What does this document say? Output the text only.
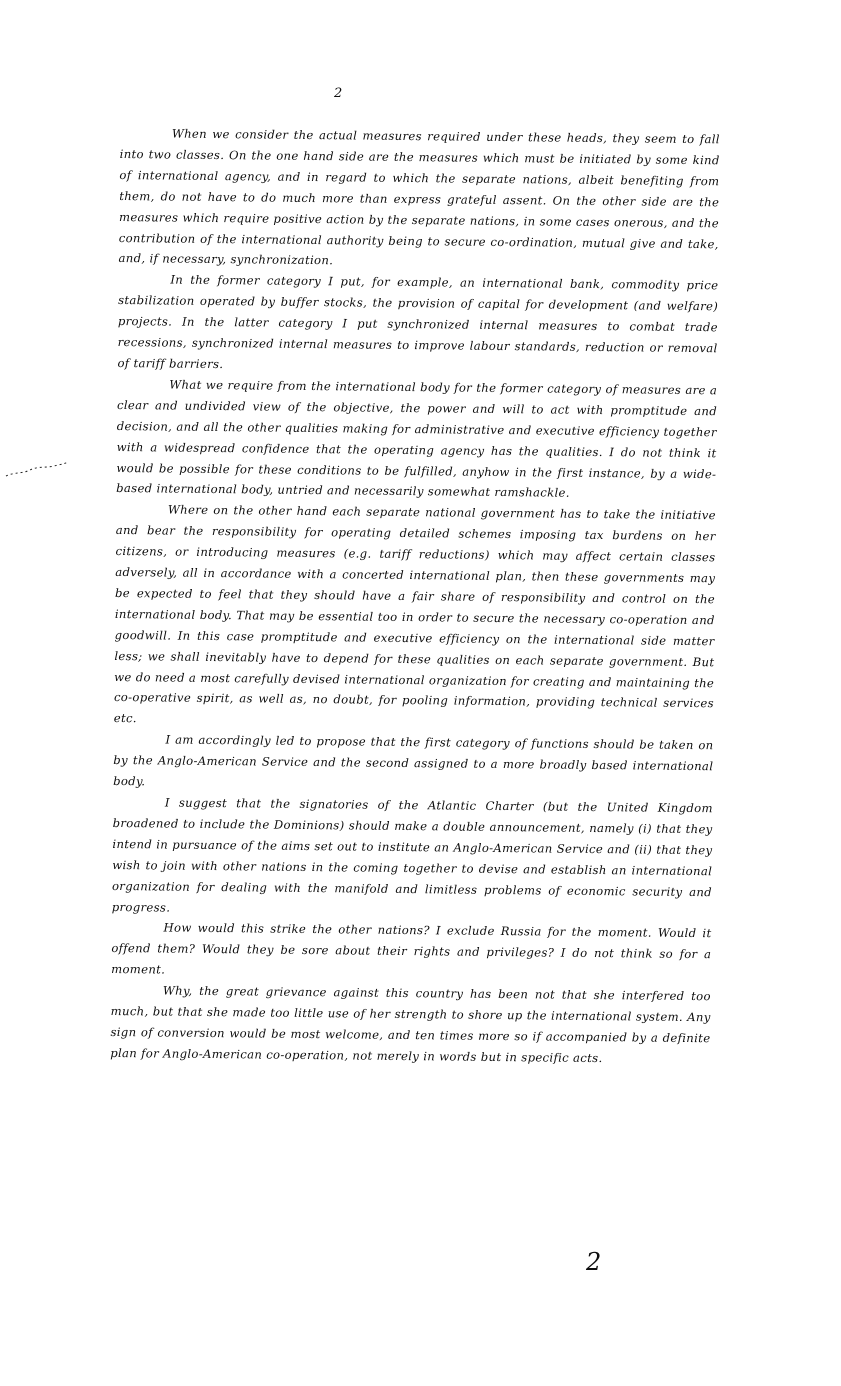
2

When we consider the actual measures required under these heads, they seem to fall into two classes. On the one hand side are the measures which must be initiated by some kind of international agency, and in regard to which the separate nations, albeit benefiting from them, do not have to do much more than express grateful assent. On the other side are the measures which require positive action by the separate nations, in some cases onerous, and the contribution of the international authority being to secure co-ordination, mutual give and take, and, if necessary, synchronization.

In the former category I put, for example, an international bank, commodity price stabilization operated by buffer stocks, the provision of capital for development (and welfare) projects. In the latter category I put synchronized internal measures to combat trade recessions, synchronized internal measures to improve labour standards, reduction or removal of tariff barriers.

What we require from the international body for the former category of measures are a clear and undivided view of the objective, the power and will to act with promptitude and decision, and all the other qualities making for administrative and executive efficiency together with a widespread confidence that the operating agency has the qualities. I do not think it would be possible for these conditions to be fulfilled, anyhow in the first instance, by a wide-based international body, untried and necessarily somewhat ramshackle.

Where on the other hand each separate national government has to take the initiative and bear the responsibility for operating detailed schemes imposing tax burdens on her citizens, or introducing measures (e.g. tariff reductions) which may affect certain classes adversely, all in accordance with a concerted international plan, then these governments may be expected to feel that they should have a fair share of responsibility and control on the international body. That may be essential too in order to secure the necessary co-operation and goodwill. In this case promptitude and executive efficiency on the international side matter less; we shall inevitably have to depend for these qualities on each separate government. But we do need a most carefully devised international organization for creating and maintaining the co-operative spirit, as well as, no doubt, for pooling information, providing technical services etc.

I am accordingly led to propose that the first category of functions should be taken on by the Anglo-American Service and the second assigned to a more broadly based international body.

I suggest that the signatories of the Atlantic Charter (but the United Kingdom broadened to include the Dominions) should make a double announcement, namely (i) that they intend in pursuance of the aims set out to institute an Anglo-American Service and (ii) that they wish to join with other nations in the coming together to devise and establish an international organization for dealing with the manifold and limitless problems of economic security and progress.

How would this strike the other nations? I exclude Russia for the moment. Would it offend them? Would they be sore about their rights and privileges? I do not think so for a moment.

Why, the great grievance against this country has been not that she interfered too much, but that she made too little use of her strength to shore up the international system. Any sign of conversion would be most welcome, and ten times more so if accompanied by a definite plan for Anglo-American co-operation, not merely in words but in specific acts.

2
